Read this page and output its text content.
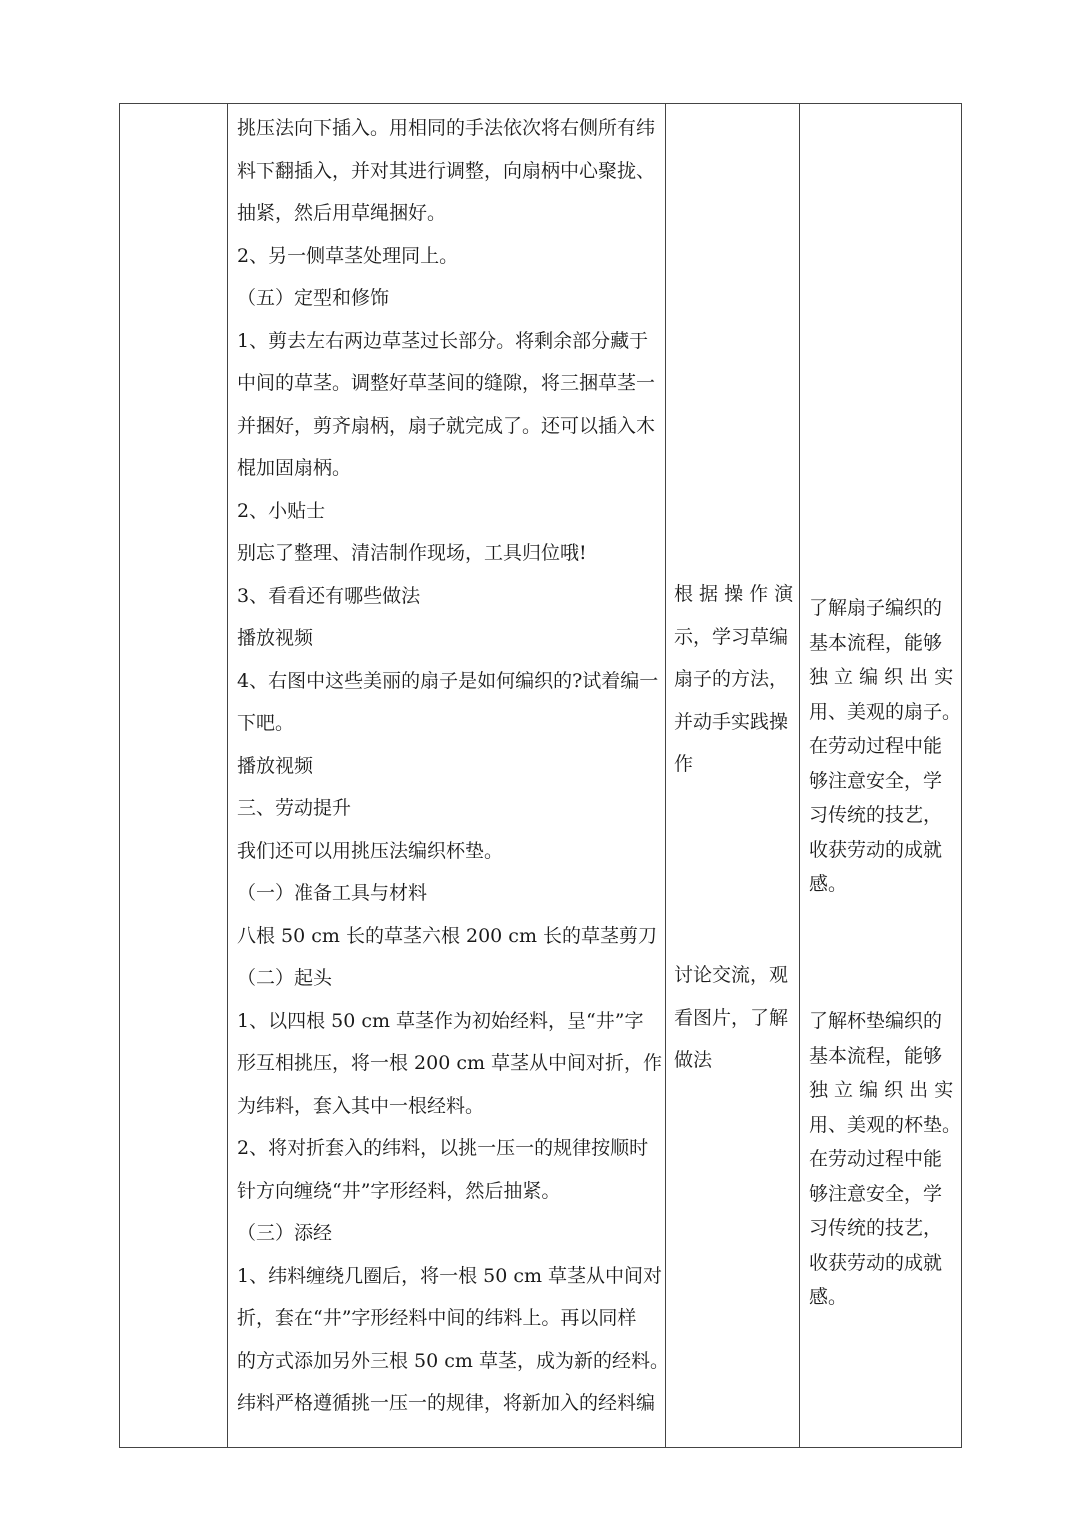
挑压法向下插入。用相同的手法依次将右侧所有纬
料下翻插入，并对其进行调整，向扇柄中心聚拢、
抽紧，然后用草绳捆好。
2、另一侧草茎处理同上。
（五）定型和修饰
1、剪去左右两边草茎过长部分。将剩余部分藏于
中间的草茎。调整好草茎间的缝隙，将三捆草茎一
并捆好，剪齐扇柄，扇子就完成了。还可以插入木
棍加固扇柄。
2、小贴士
别忘了整理、清洁制作现场，工具归位哦!
3、看看还有哪些做法
播放视频
4、右图中这些美丽的扇子是如何编织的?试着编一
下吧。
播放视频
三、劳动提升
我们还可以用挑压法编织杯垫。
（一）准备工具与材料
八根 50 cm 长的草茎六根 200 cm 长的草茎剪刀
（二）起头
1、以四根 50 cm 草茎作为初始经料，呈“井”字
形互相挑压，将一根 200 cm 草茎从中间对折，作
为纬料，套入其中一根经料。
2、将对折套入的纬料，以挑一压一的规律按顺时
针方向缠绕“井”字形经料，然后抽紧。
（三）添经
1、纬料缠绕几圈后，将一根 50 cm 草茎从中间对
折，套在“井”字形经料中间的纬料上。再以同样
的方式添加另外三根 50 cm 草茎，成为新的经料。
纬料严格遵循挑一压一的规律，将新加入的经料编
根 据 操 作 演
示，学习草编
扇子的方法，
并动手实践操
作
讨论交流，观
看图片，了解
做法
了解扇子编织的
基本流程，能够
独 立 编 织 出 实
用、美观的扇子。
在劳动过程中能
够注意安全，学
习传统的技艺，
收获劳动的成就
感。
了解杯垫编织的
基本流程，能够
独 立 编 织 出 实
用、美观的杯垫。
在劳动过程中能
够注意安全，学
习传统的技艺，
收获劳动的成就
感。
